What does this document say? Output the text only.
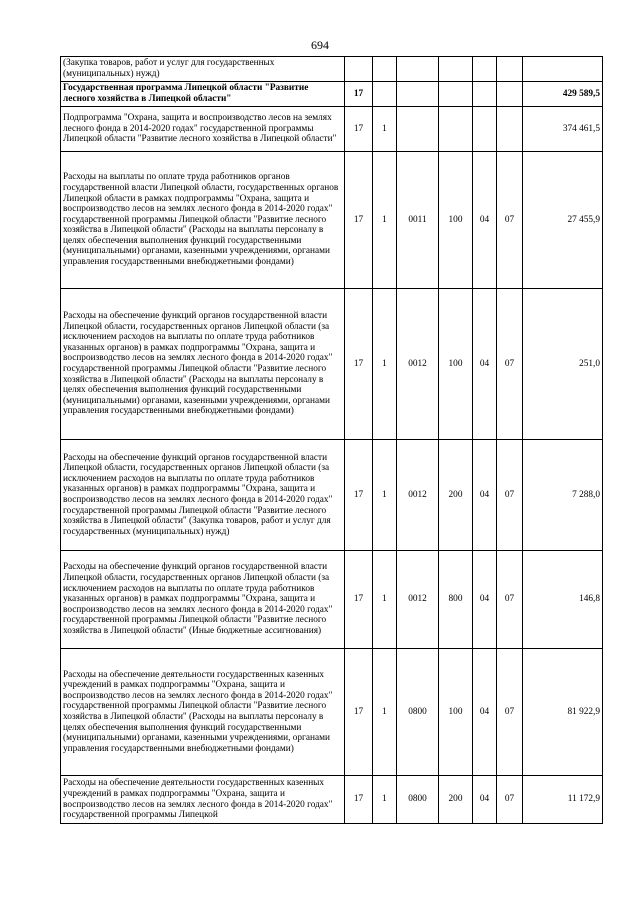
694
(Закупка товаров, работ и услуг для государственных (муниципальных) нужд)							
Государственная программа Липецкой области "Развитие лесного хозяйства в Липецкой области"	17						429 589,5
Подпрограмма "Охрана, защита и воспроизводство лесов на землях лесного фонда в 2014-2020 годах" государственной программы Липецкой области "Развитие лесного хозяйства в Липецкой области"	17	1					374 461,5
Расходы на выплаты по оплате труда работников органов государственной власти Липецкой области, государственных органов Липецкой области в рамках подпрограммы "Охрана, защита и воспроизводство лесов на землях лесного фонда в 2014-2020 годах" государственной программы Липецкой области "Развитие лесного хозяйства в Липецкой области" (Расходы на выплаты персоналу в целях обеспечения выполнения функций государственными (муниципальными) органами, казенными учреждениями, органами управления государственными внебюджетными фондами)	17	1	0011	100	04	07	27 455,9
Расходы на обеспечение функций органов государственной власти Липецкой области, государственных органов Липецкой области (за исключением расходов на выплаты по оплате труда работников указанных органов) в рамках подпрограммы "Охрана, защита и воспроизводство лесов на землях лесного фонда в 2014-2020 годах" государственной программы Липецкой области "Развитие лесного хозяйства в Липецкой области" (Расходы на выплаты персоналу в целях обеспечения выполнения функций государственными (муниципальными) органами, казенными учреждениями, органами управления государственными внебюджетными фондами)	17	1	0012	100	04	07	251,0
Расходы на обеспечение функций органов государственной власти Липецкой области, государственных органов Липецкой области (за исключением расходов на выплаты по оплате труда работников указанных органов) в рамках подпрограммы "Охрана, защита и воспроизводство лесов на землях лесного фонда в 2014-2020 годах" государственной программы Липецкой области "Развитие лесного хозяйства в Липецкой области" (Закупка товаров, работ и услуг для государственных (муниципальных) нужд)	17	1	0012	200	04	07	7 288,0
Расходы на обеспечение функций органов государственной власти Липецкой области, государственных органов Липецкой области (за исключением расходов на выплаты по оплате труда работников указанных органов) в рамках подпрограммы "Охрана, защита и воспроизводство лесов на землях лесного фонда в 2014-2020 годах" государственной программы Липецкой области "Развитие лесного хозяйства в Липецкой области" (Иные бюджетные ассигнования)	17	1	0012	800	04	07	146,8
Расходы на обеспечение деятельности государственных казенных учреждений в рамках подпрограммы "Охрана, защита и воспроизводство лесов на землях лесного фонда в 2014-2020 годах" государственной программы Липецкой области "Развитие лесного хозяйства в Липецкой области" (Расходы на выплаты персоналу в целях обеспечения выполнения функций государственными (муниципальными) органами, казенными учреждениями, органами управления государственными внебюджетными фондами)	17	1	0800	100	04	07	81 922,9
Расходы на обеспечение деятельности государственных казенных учреждений в рамках подпрограммы "Охрана, защита и воспроизводство лесов на землях лесного фонда в 2014-2020 годах" государственной программы Липецкой	17	1	0800	200	04	07	11 172,9
